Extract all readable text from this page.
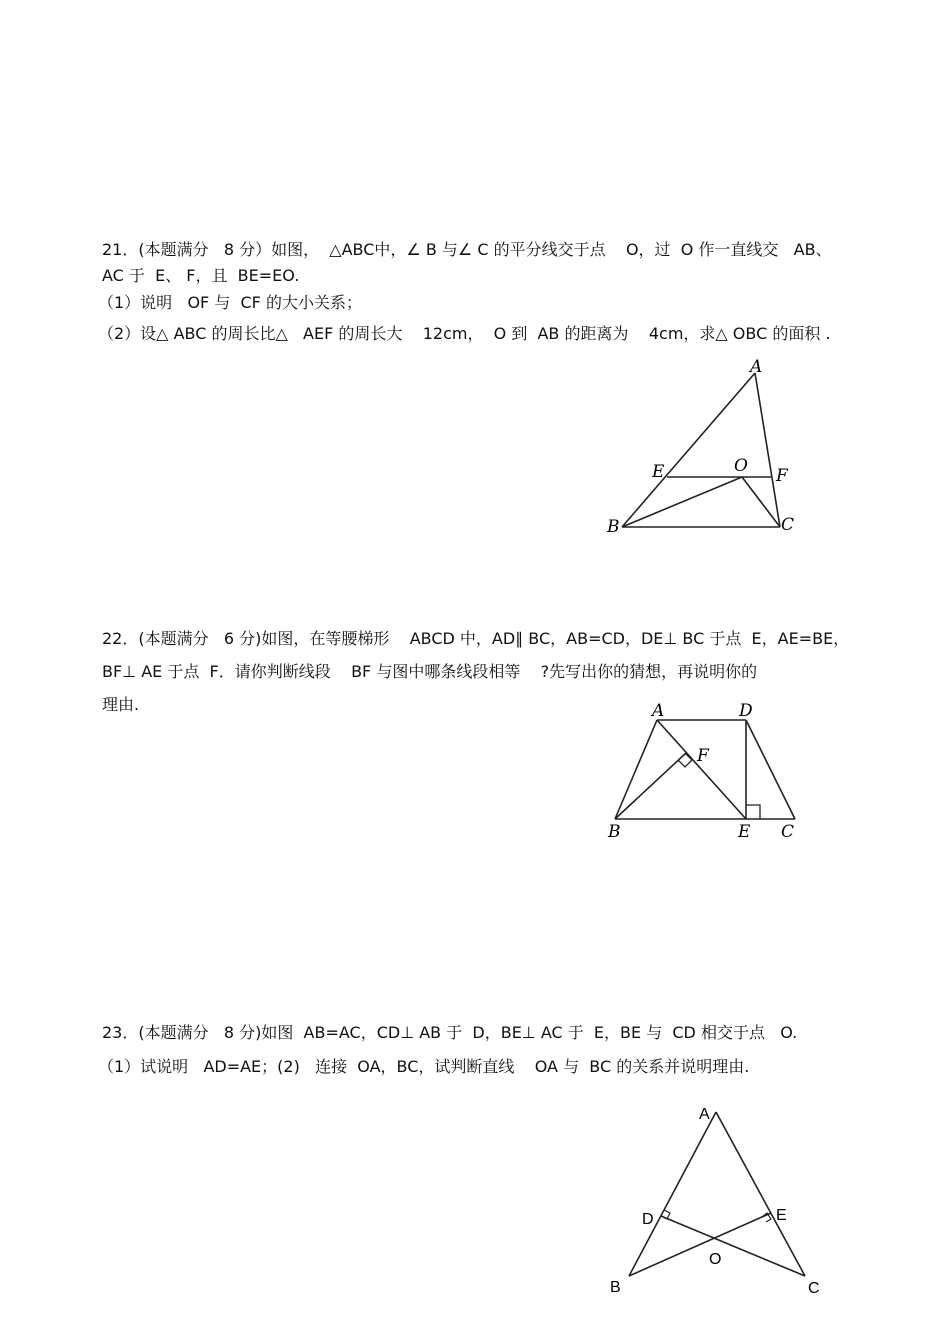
21．(本题满分   8 分）如图，  △ABC中，∠ B 与∠ C 的平分线交于点    O，过  O 作一直线交   AB、
AC 于  E、 F，且  BE=EO.
（1）说明   OF 与  CF 的大小关系；
（2）设△ ABC 的周长比△   AEF 的周长大    12cm，  O 到  AB 的距离为    4cm，求△ OBC 的面积 .
A
E	O F
B	C
22．(本题满分   6 分)如图，在等腰梯形    ABCD 中，AD∥ BC，AB=CD，DE⊥ BC 于点  E，AE=BE，
BF⊥ AE 于点  F．请你判断线段    BF 与图中哪条线段相等    ?先写出你的猜想，再说明你的
理由.	A	D
F
B	E C
23．(本题满分   8 分)如图  AB=AC，CD⊥ AB 于  D，BE⊥ AC 于  E，BE 与  CD 相交于点   O.
（1）试说明   AD=AE；(2)   连接  OA，BC，试判断直线    OA 与  BC 的关系并说明理由.
A
D	E
O
B	C
